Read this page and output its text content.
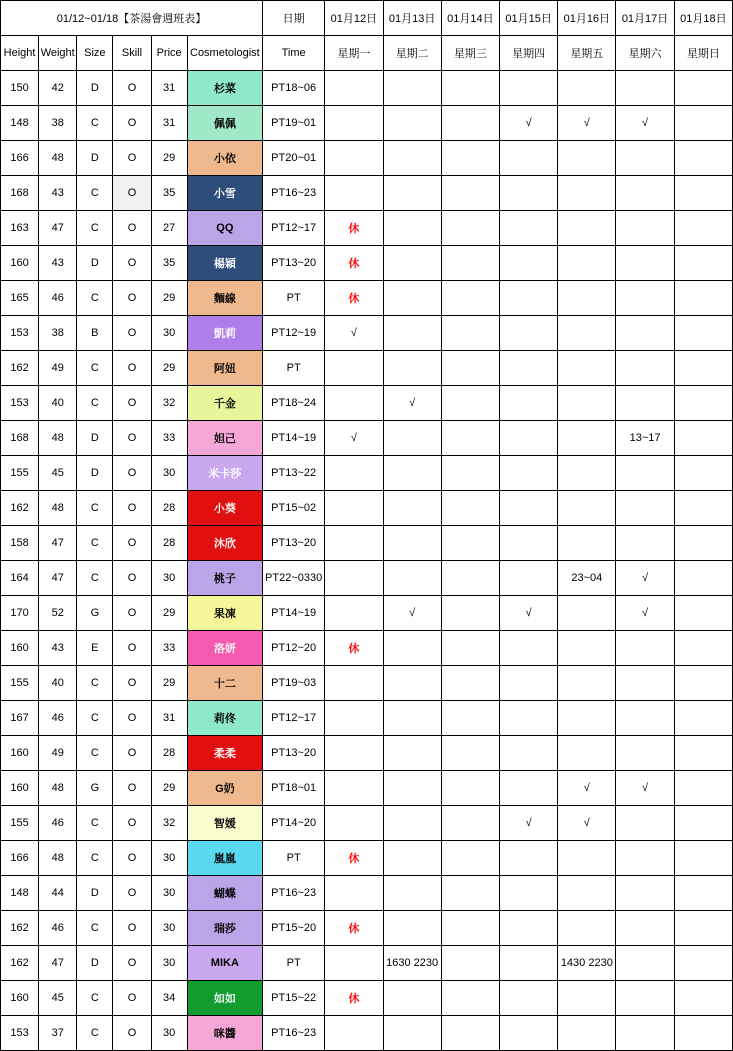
01/12~01/18【茶湯會週班表】						日期	01月12日	01月13日	01月14日	01月15日	01月16日	01月17日	01月18日
Height	Weight	Size	Skill	Price	Cosmetologist	Time	星期一	星期二	星期三	星期四	星期五	星期六	星期日
150	42	D	O	31	杉菜	PT18~06							
148	38	C	O	31	佩佩	PT19~01				√	√	√	
166	48	D	O	29	小依	PT20~01							
168	43	C	O	35	小雪	PT16~23							
163	47	C	O	27	QQ	PT12~17	休						
160	43	D	O	35	楊穎	PT13~20	休						
165	46	C	O	29	麵線	PT	休						
153	38	B	O	30	凱莉	PT12~19	√						
162	49	C	O	29	阿妞	PT							
153	40	C	O	32	千金	PT18~24		√					
168	48	D	O	33	妲己	PT14~19	√					13~17	
155	45	D	O	30	米卡莎	PT13~22							
162	48	C	O	28	小葵	PT15~02							
158	47	C	O	28	沐欣	PT13~20							
164	47	C	O	30	桃子	PT22~0330					23~04	√	
170	52	G	O	29	果凍	PT14~19		√		√		√	
160	43	E	O	33	洛妍	PT12~20	休						
155	40	C	O	29	十二	PT19~03							
167	46	C	O	31	莉佟	PT12~17							
160	49	C	O	28	柔柔	PT13~20							
160	48	G	O	29	G奶	PT18~01					√	√	
155	46	C	O	32	智媛	PT14~20				√	√		
166	48	C	O	30	嵐嵐	PT	休						
148	44	D	O	30	蝴蝶	PT16~23							
162	46	C	O	30	瑞莎	PT15~20	休						
162	47	D	O	30	MIKA	PT		1630 2230			1430 2230		
160	45	C	O	34	如如	PT15~22	休						
153	37	C	O	30	咪醬	PT16~23							
